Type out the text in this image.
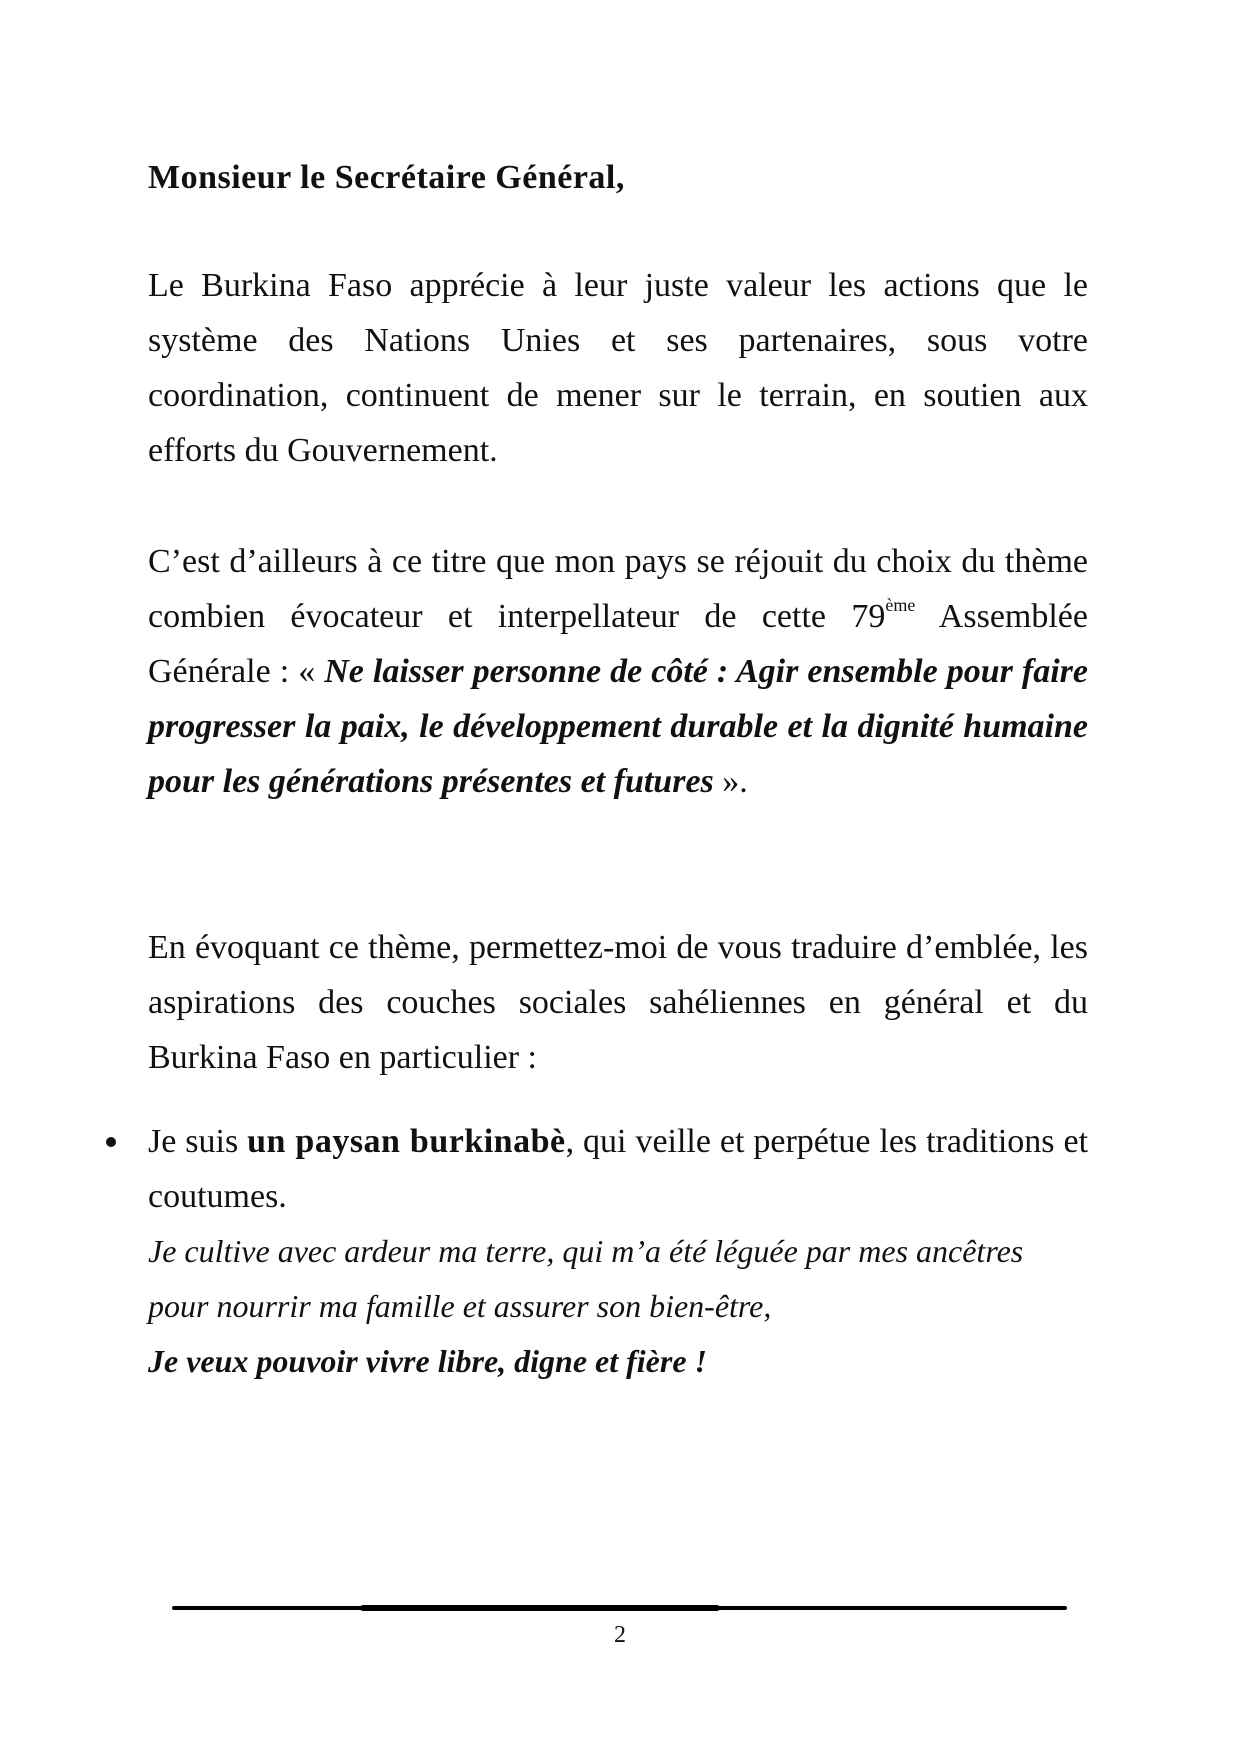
Monsieur le Secrétaire Général,
Le Burkina Faso apprécie à leur juste valeur les actions que le système des Nations Unies et ses partenaires, sous votre coordination, continuent de mener sur le terrain, en soutien aux efforts du Gouvernement.
C’est d’ailleurs à ce titre que mon pays se réjouit du choix du thème combien évocateur et interpellateur de cette 79ème Assemblée Générale : « Ne laisser personne de côté : Agir ensemble pour faire progresser la paix, le développement durable et la dignité humaine pour les générations présentes et futures ».
En évoquant ce thème, permettez-moi de vous traduire d’emblée, les aspirations des couches sociales sahéliennes en général et du Burkina Faso en particulier :
Je suis un paysan burkinabè, qui veille et perpétue les traditions et coutumes.
Je cultive avec ardeur ma terre, qui m’a été léguée par mes ancêtres
pour nourrir ma famille et assurer son bien-être,
Je veux pouvoir vivre libre, digne et fière !
2
